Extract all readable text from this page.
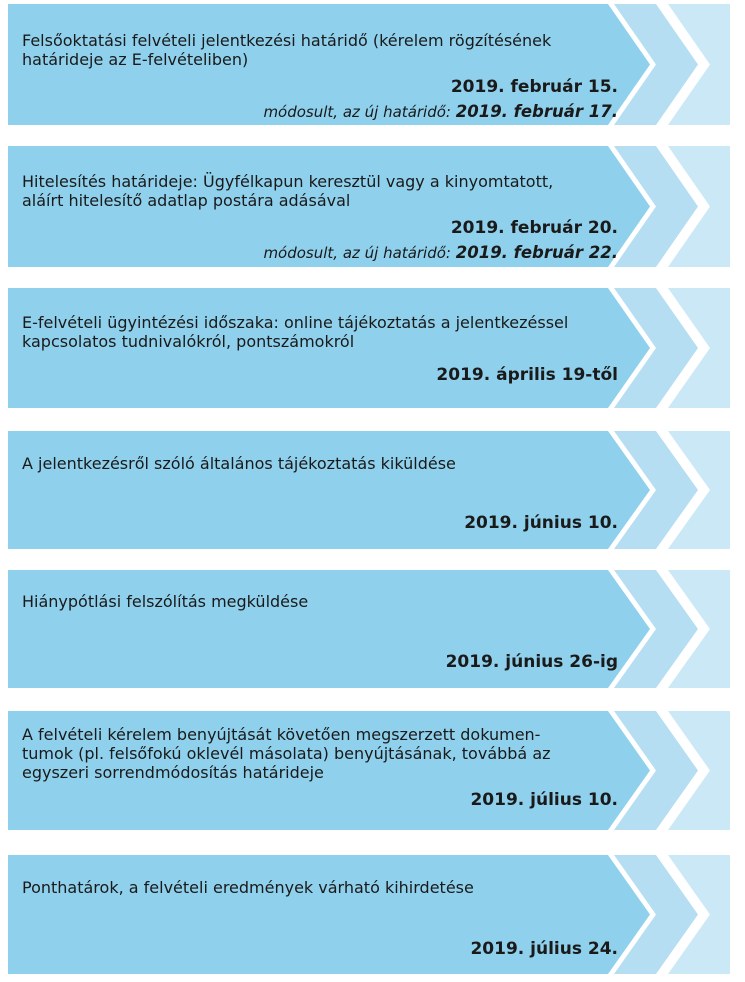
Felsőoktatási felvételi jelentkezési határidő (kérelem rögzítésének
határideje az E-felvételiben)
2019. február 15.
módosult, az új határidő: 2019. február 17.
Hitelesítés határideje: Ügyfélkapun keresztül vagy a kinyomtatott,
aláírt hitelesítő adatlap postára adásával
2019. február 20.
módosult, az új határidő: 2019. február 22.
E-felvételi ügyintézési időszaka: online tájékoztatás a jelentkezéssel
kapcsolatos tudnivalókról, pontszámokról
2019. április 19-től
A jelentkezésről szóló általános tájékoztatás kiküldése
2019. június 10.
Hiánypótlási felszólítás megküldése
2019. június 26-ig
A felvételi kérelem benyújtását követően megszerzett dokumen-
tumok (pl. felsőfokú oklevél másolata) benyújtásának, továbbá az
egyszeri sorrendmódosítás határideje
2019. július 10.
Ponthatárok, a felvételi eredmények várható kihirdetése
2019. július 24.
